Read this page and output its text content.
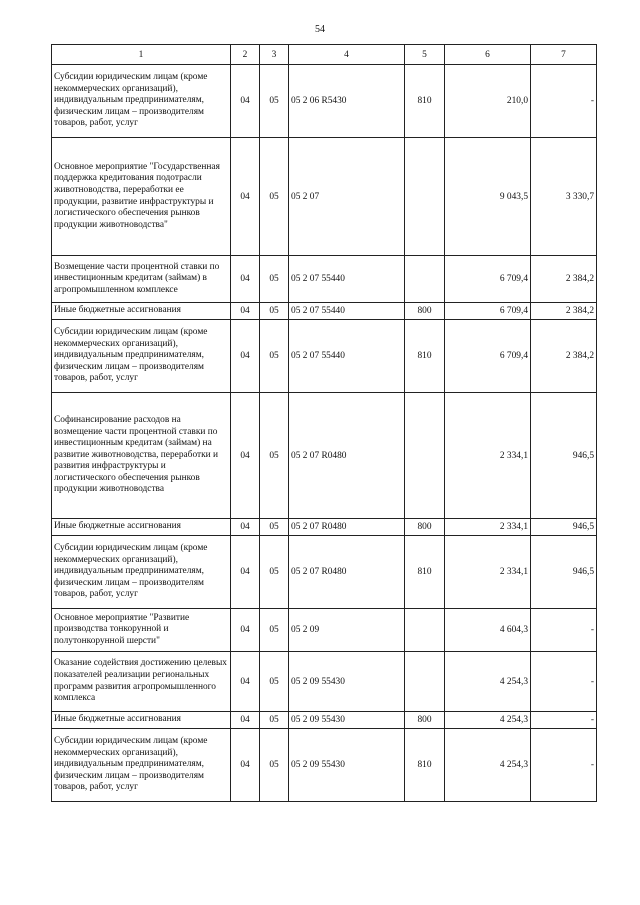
54
1	2	3	4	5	6	7
Субсидии юридическим лицам (кроме некоммерческих организаций), индивидуальным предпринимателям, физическим лицам – производителям товаров, работ, услуг	04	05	05 2 06 R5430	810	210,0	-
Основное мероприятие "Государственная поддержка кредитования подотрасли животноводства, переработки ее продукции, развитие инфраструктуры и логистического обеспечения рынков продукции животноводства"	04	05	05 2 07		9 043,5	3 330,7
Возмещение части процентной ставки по инвестиционным кредитам (займам) в агропромышленном комплексе	04	05	05 2 07 55440		6 709,4	2 384,2
Иные бюджетные ассигнования	04	05	05 2 07 55440	800	6 709,4	2 384,2
Субсидии юридическим лицам (кроме некоммерческих организаций), индивидуальным предпринимателям, физическим лицам – производителям товаров, работ, услуг	04	05	05 2 07 55440	810	6 709,4	2 384,2
Софинансирование расходов на возмещение части процентной ставки по инвестиционным кредитам (займам) на развитие животноводства, переработки и развития инфраструктуры и логистического обеспечения рынков продукции животноводства	04	05	05 2 07 R0480		2 334,1	946,5
Иные бюджетные ассигнования	04	05	05 2 07 R0480	800	2 334,1	946,5
Субсидии юридическим лицам (кроме некоммерческих организаций), индивидуальным предпринимателям, физическим лицам – производителям товаров, работ, услуг	04	05	05 2 07 R0480	810	2 334,1	946,5
Основное мероприятие "Развитие производства тонкорунной и полутонкорунной шерсти"	04	05	05 2 09		4 604,3	-
Оказание содействия достижению целевых показателей реализации региональных программ развития агропромышленного комплекса	04	05	05 2 09 55430		4 254,3	-
Иные бюджетные ассигнования	04	05	05 2 09 55430	800	4 254,3	-
Субсидии юридическим лицам (кроме некоммерческих организаций), индивидуальным предпринимателям, физическим лицам – производителям товаров, работ, услуг	04	05	05 2 09 55430	810	4 254,3	-
